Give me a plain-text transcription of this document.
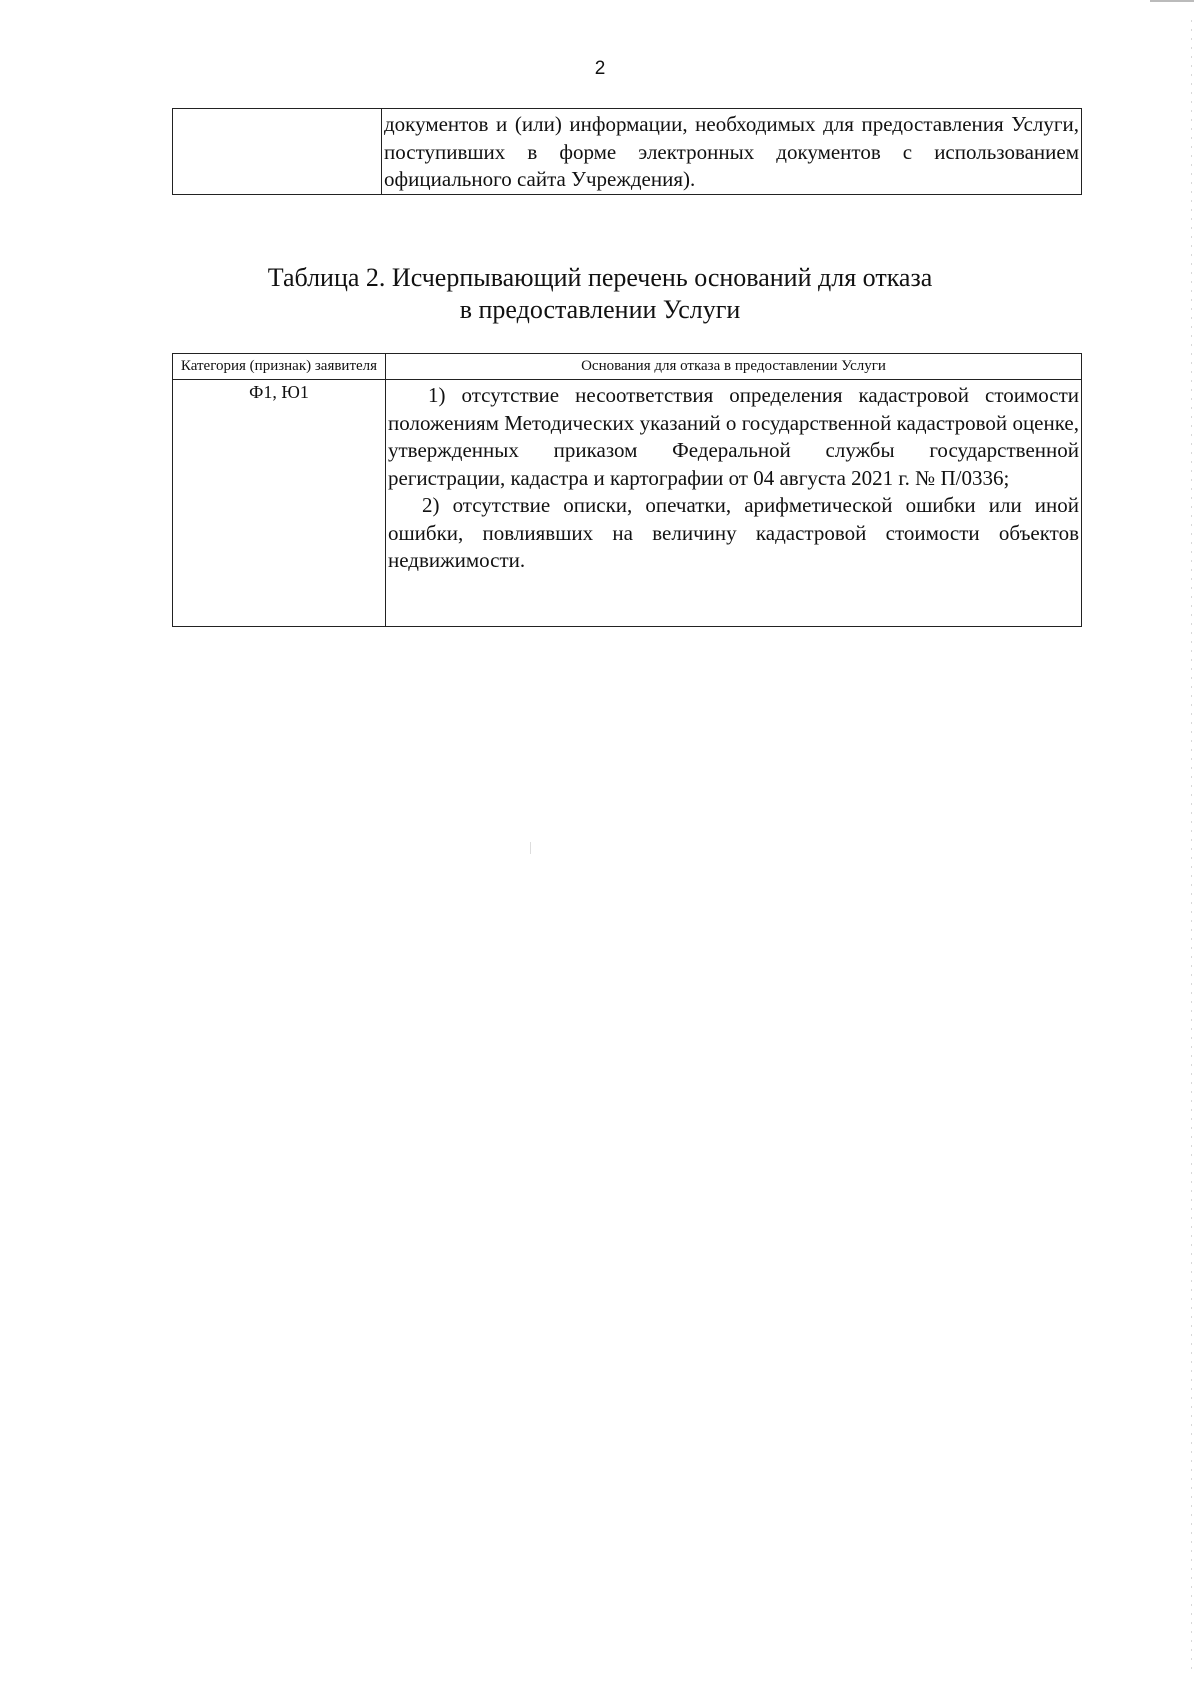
2
	документов и (или) информации, необходимых для предоставления Услуги, поступивших в форме электронных документов с использованием официального сайта Учреждения).
Таблица 2. Исчерпывающий перечень оснований для отказа
в предоставлении Услуги
Категория (признак) заявителя	Основания для отказа в предоставлении Услуги
Ф1, Ю1	1) отсутствие несоответствия определения кадастровой стоимости положениям Методических указаний о государственной кадастровой оценке, утвержденных приказом Федеральной службы государственной регистрации, кадастра и картографии от 04 августа 2021 г. № П/0336;

2) отсутствие описки, опечатки, арифметической ошибки или иной ошибки, повлиявших на величину кадастровой стоимости объектов недвижимости.
